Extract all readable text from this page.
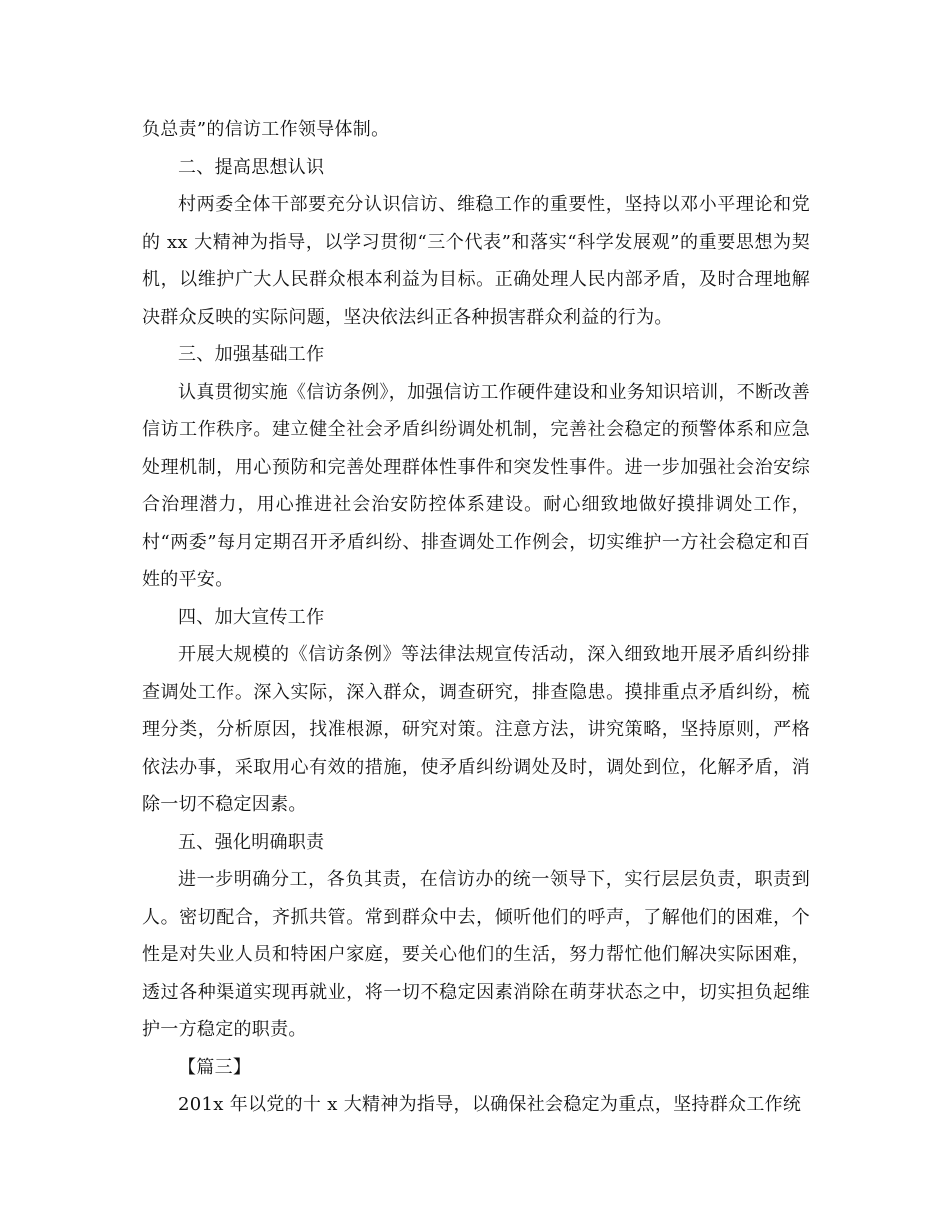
负总责”的信访工作领导体制。

二、提高思想认识

村两委全体干部要充分认识信访、维稳工作的重要性，坚持以邓小平理论和党的 xx 大精神为指导，以学习贯彻“三个代表”和落实“科学发展观”的重要思想为契机，以维护广大人民群众根本利益为目标。正确处理人民内部矛盾，及时合理地解决群众反映的实际问题，坚决依法纠正各种损害群众利益的行为。

三、加强基础工作

认真贯彻实施《信访条例》，加强信访工作硬件建设和业务知识培训，不断改善信访工作秩序。建立健全社会矛盾纠纷调处机制，完善社会稳定的预警体系和应急处理机制，用心预防和完善处理群体性事件和突发性事件。进一步加强社会治安综合治理潜力，用心推进社会治安防控体系建设。耐心细致地做好摸排调处工作，村“两委”每月定期召开矛盾纠纷、排查调处工作例会，切实维护一方社会稳定和百姓的平安。

四、加大宣传工作

开展大规模的《信访条例》等法律法规宣传活动，深入细致地开展矛盾纠纷排查调处工作。深入实际，深入群众，调查研究，排查隐患。摸排重点矛盾纠纷，梳理分类，分析原因，找准根源，研究对策。注意方法，讲究策略，坚持原则，严格依法办事，采取用心有效的措施，使矛盾纠纷调处及时，调处到位，化解矛盾，消除一切不稳定因素。

五、强化明确职责

进一步明确分工，各负其责，在信访办的统一领导下，实行层层负责，职责到人。密切配合，齐抓共管。常到群众中去，倾听他们的呼声，了解他们的困难，个性是对失业人员和特困户家庭，要关心他们的生活，努力帮忙他们解决实际困难，透过各种渠道实现再就业，将一切不稳定因素消除在萌芽状态之中，切实担负起维护一方稳定的职责。

【篇三】

201x 年以党的十 x 大精神为指导，以确保社会稳定为重点，坚持群众工作统
